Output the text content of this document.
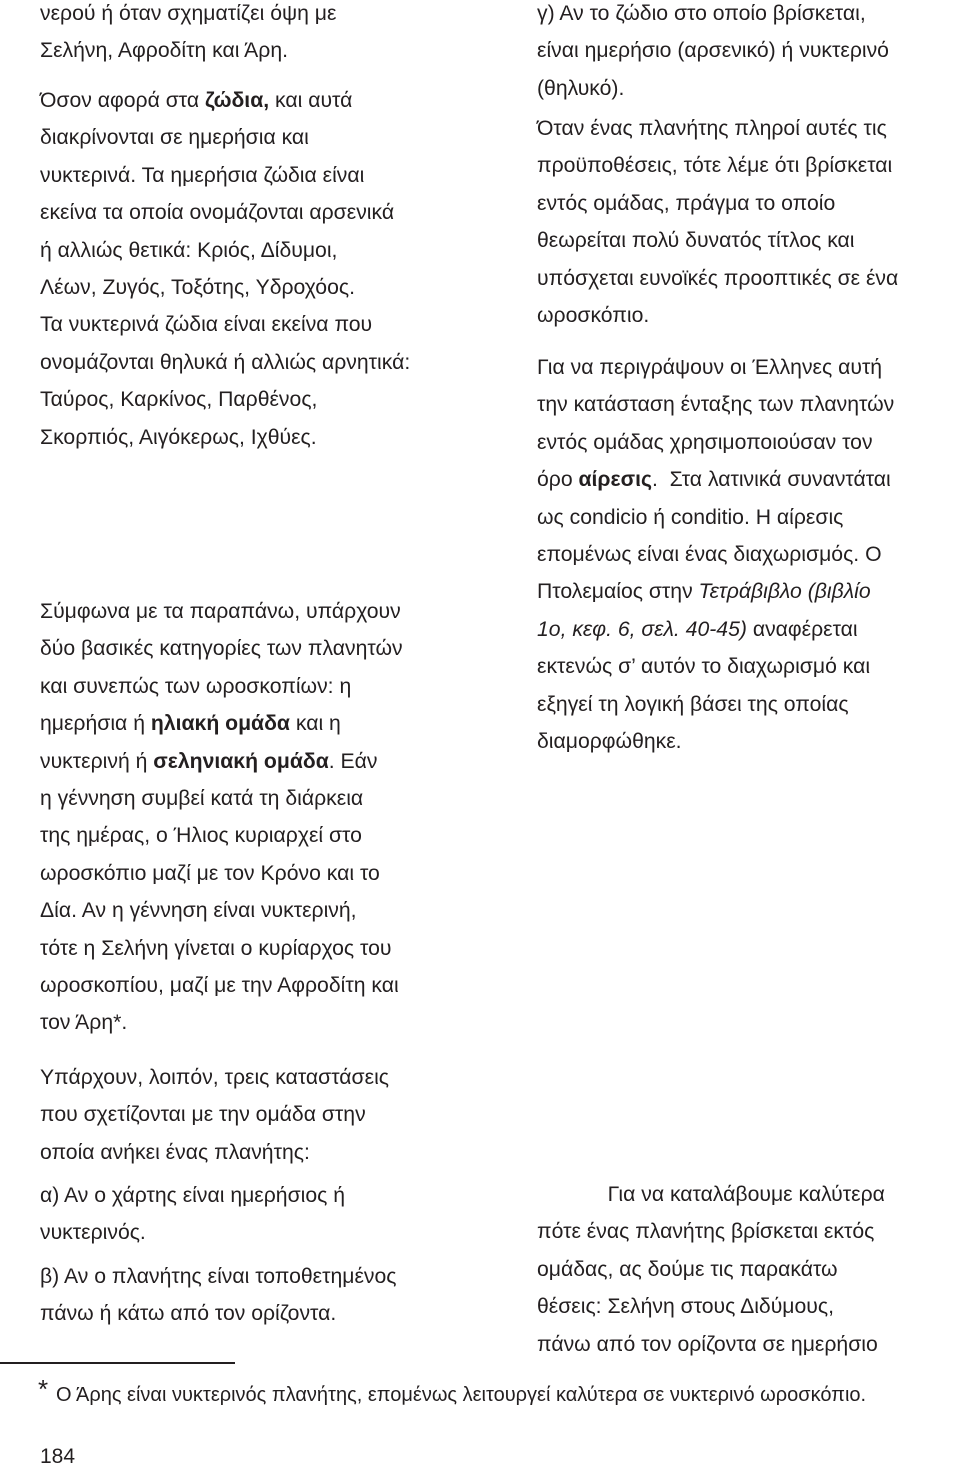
νερού ή όταν σχηματίζει όψη με
Σελήνη, Αφροδίτη και Άρη.
Όσον αφορά στα ζώδια, και αυτά
διακρίνονται σε ημερήσια και
νυκτερινά. Τα ημερήσια ζώδια είναι
εκείνα τα οποία ονομάζονται αρσενικά
ή αλλιώς θετικά: Κριός, Δίδυμοι,
Λέων, Ζυγός, Τοξότης, Υδροχόος.
Τα νυκτερινά ζώδια είναι εκείνα που
ονομάζονται θηλυκά ή αλλιώς αρνητικά:
Ταύρος, Καρκίνος, Παρθένος,
Σκορπιός, Αιγόκερως, Ιχθύες.
Σύμφωνα με τα παραπάνω, υπάρχουν
δύο βασικές κατηγορίες των πλανητών
και συνεπώς των ωροσκοπίων: η
ημερήσια ή ηλιακή ομάδα και η
νυκτερινή ή σεληνιακή ομάδα. Εάν
η γέννηση συμβεί κατά τη διάρκεια
της ημέρας, ο Ήλιος κυριαρχεί στο
ωροσκόπιο μαζί με τον Κρόνο και το
Δία. Αν η γέννηση είναι νυκτερινή,
τότε η Σελήνη γίνεται ο κυρίαρχος του
ωροσκοπίου, μαζί με την Αφροδίτη και
τον Άρη*.
Υπάρχουν, λοιπόν, τρεις καταστάσεις
που σχετίζονται με την ομάδα στην
οποία ανήκει ένας πλανήτης:
α) Αν ο χάρτης είναι ημερήσιος ή
νυκτερινός.
β) Αν ο πλανήτης είναι τοποθετημένος
πάνω ή κάτω από τον ορίζοντα.
γ) Αν το ζώδιο στο οποίο βρίσκεται,
είναι ημερήσιο (αρσενικό) ή νυκτερινό
(θηλυκό).
Όταν ένας πλανήτης πληροί αυτές τις
προϋποθέσεις, τότε λέμε ότι βρίσκεται
εντός ομάδας, πράγμα το οποίο
θεωρείται πολύ δυνατός τίτλος και
υπόσχεται ευνοϊκές προοπτικές σε ένα
ωροσκόπιο.
Για να περιγράψουν οι Έλληνες αυτή
την κατάσταση ένταξης των πλανητών
εντός ομάδας χρησιμοποιούσαν τον
όρο αίρεσις.  Στα λατινικά συναντάται
ως condicio ή conditio. Η αίρεσις
επομένως είναι ένας διαχωρισμός. Ο
Πτολεμαίος στην Τετράβιβλο (βιβλίο
1ο, κεφ. 6, σελ. 40-45) αναφέρεται
εκτενώς σ’ αυτόν το διαχωρισμό και
εξηγεί τη λογική βάσει της οποίας
διαμορφώθηκε.
Για να καταλάβουμε καλύτερα
πότε ένας πλανήτης βρίσκεται εκτός
ομάδας, ας δούμε τις παρακάτω
θέσεις: Σελήνη στους Διδύμους,
πάνω από τον ορίζοντα σε ημερήσιο
* Ο Άρης είναι νυκτερινός πλανήτης, επομένως λειτουργεί καλύτερα σε νυκτερινό ωροσκόπιο.
184
